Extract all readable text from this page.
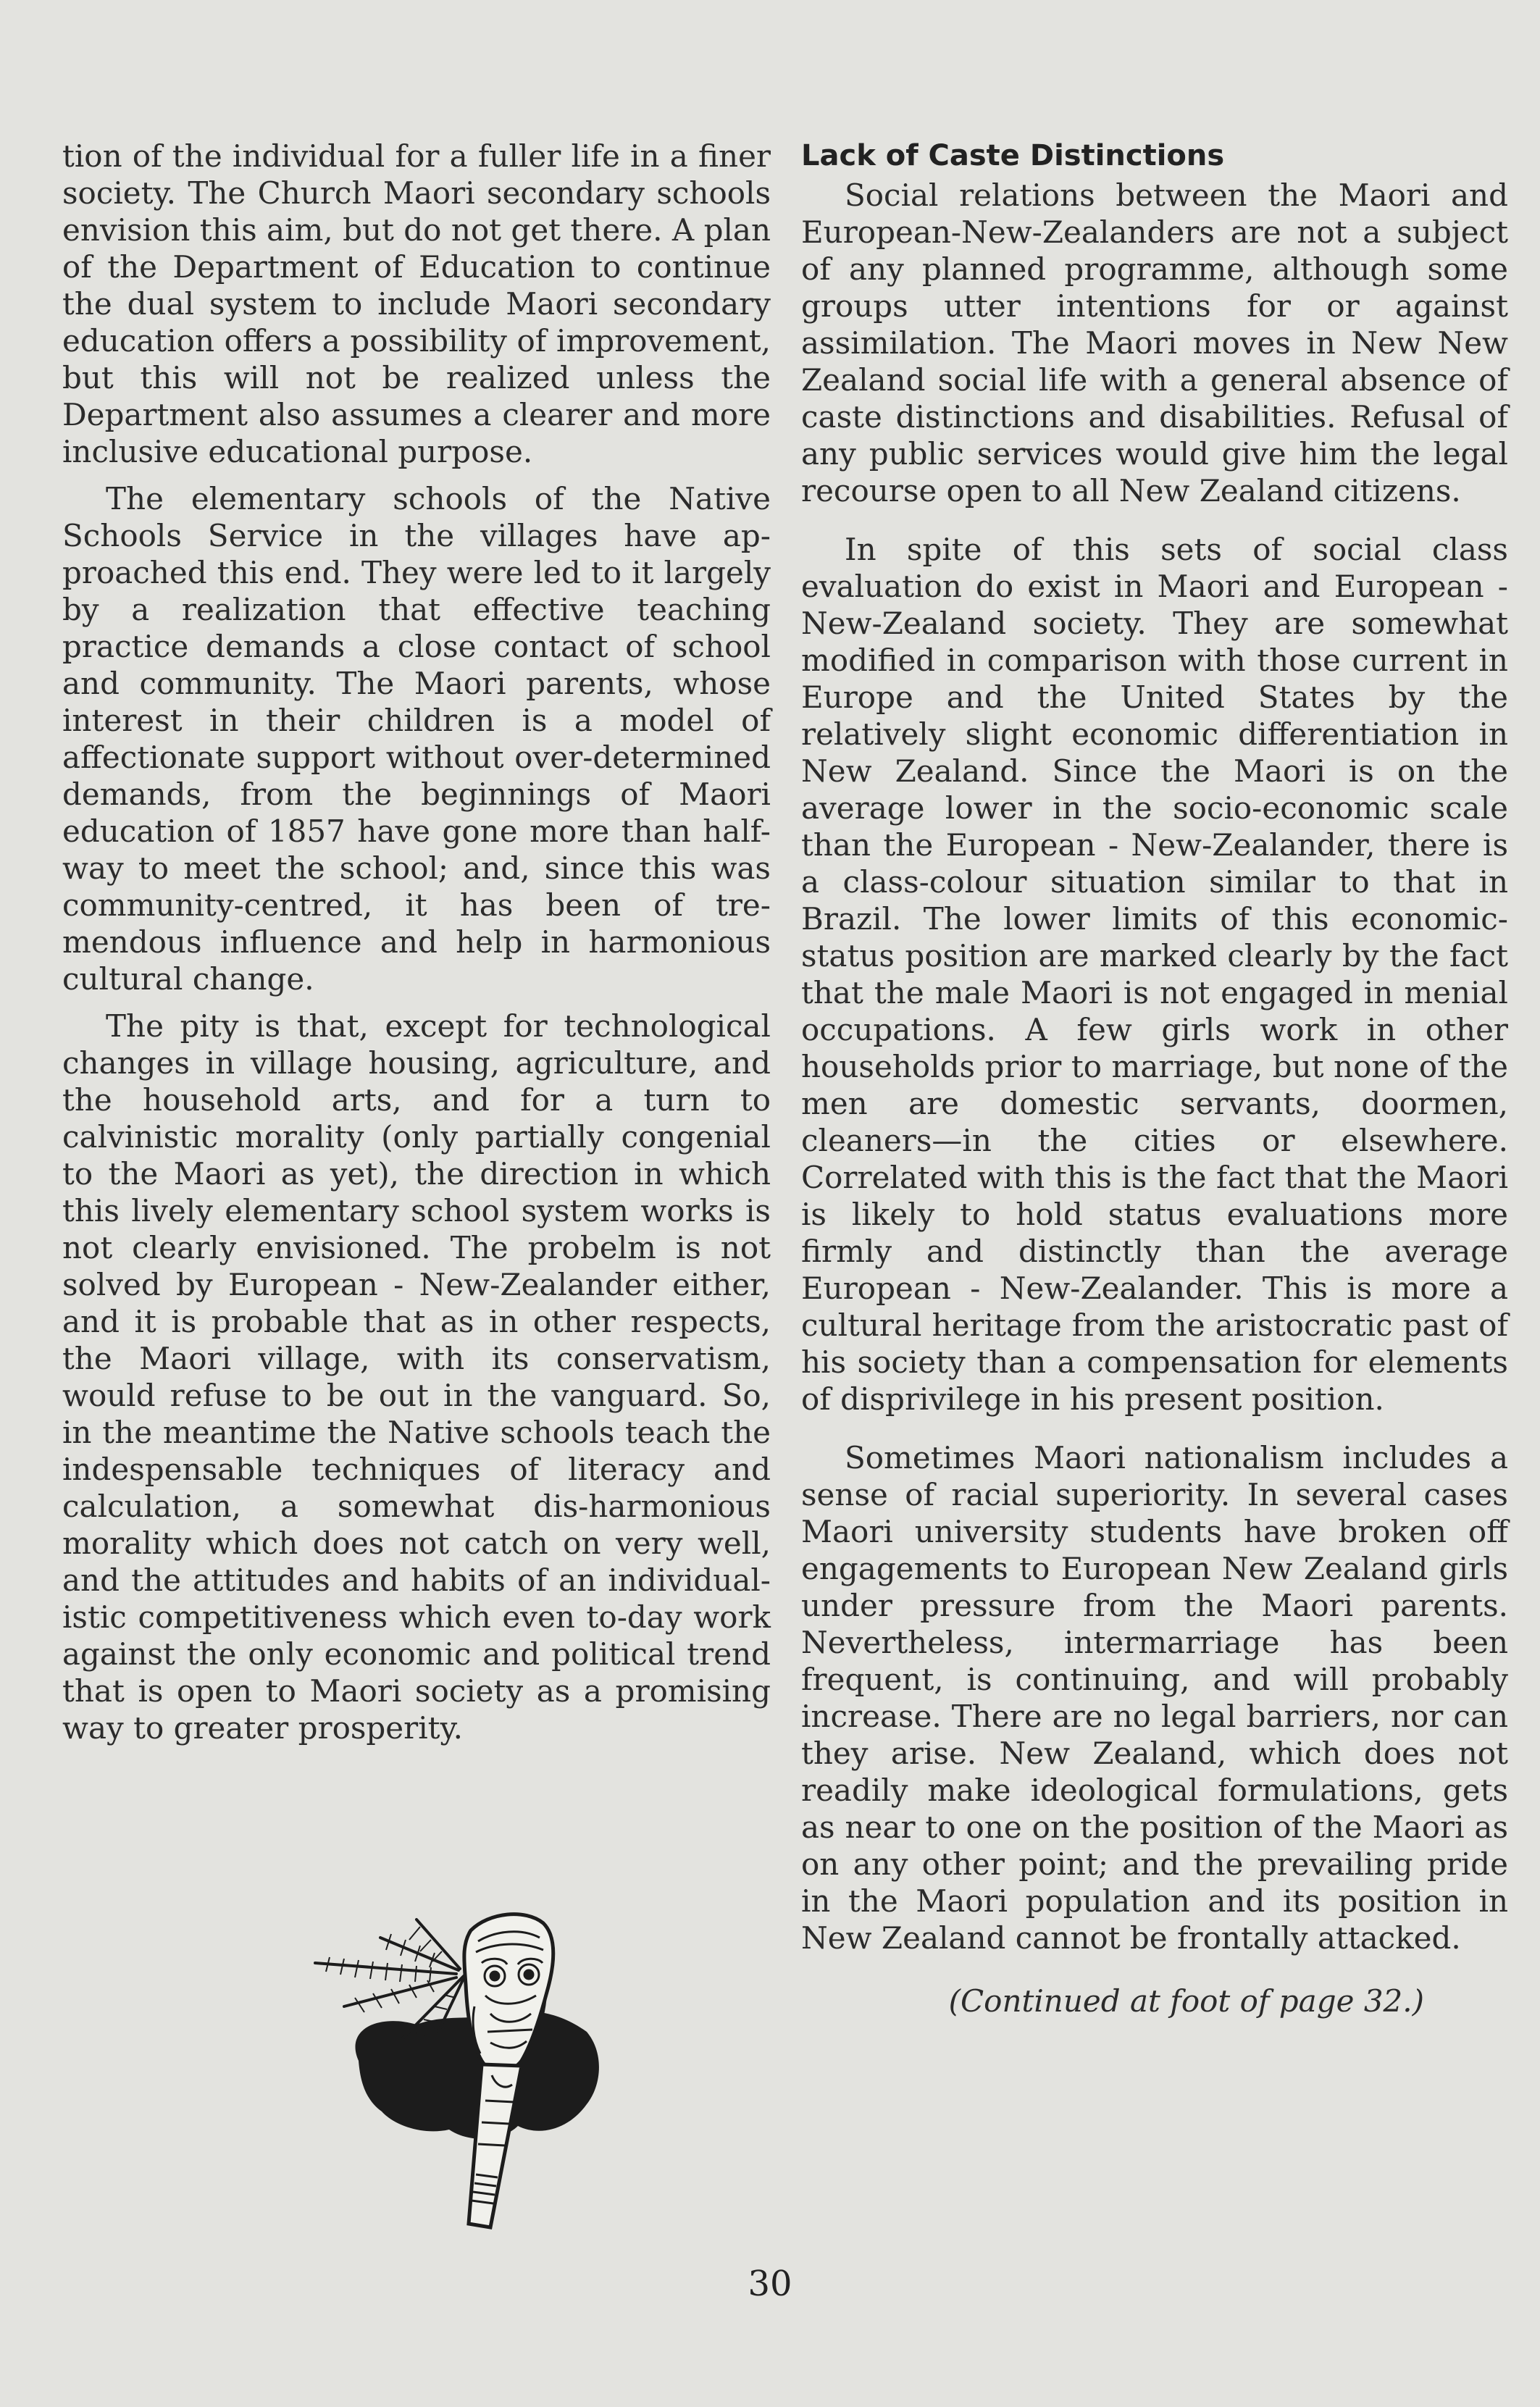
tion of the individual for a fuller life in a finer society. The Church Maori secondary schools envision this aim, but do not get there. A plan of the Department of Education to continue the dual system to include Maori secondary education offers a possibility of improvement, but this will not be realized unless the Department also assumes a clearer and more inclusive educational purpose.

The elementary schools of the Native Schools Service in the villages have approached this end. They were led to it largely by a realization that effective teaching practice demands a close contact of school and community. The Maori parents, whose interest in their children is a model of affectionate support without over-determined demands, from the beginnings of Maori education of 1857 have gone more than half-way to meet the school; and, since this was community-centred, it has been of tremendous influence and help in harmonious cultural change.

The pity is that, except for technological changes in village housing, agriculture, and the household arts, and for a turn to calvinistic morality (only partially congenial to the Maori as yet), the direction in which this lively elementary school system works is not clearly envisioned. The probelm is not solved by European - New-Zealander either, and it is probable that as in other respects, the Maori village, with its conservatism, would refuse to be out in the vanguard. So, in the meantime the Native schools teach the indespensable techniques of literacy and calculation, a somewhat dis-harmonious morality which does not catch on very well, and the attitudes and habits of an individualistic competitiveness which even to-day work against the only economic and political trend that is open to Maori society as a promising way to greater prosperity.

Lack of Caste Distinctions

Social relations between the Maori and European-New-Zealanders are not a subject of any planned programme, although some groups utter intentions for or against assimilation. The Maori moves in New New Zealand social life with a general absence of caste distinctions and disabilities. Refusal of any public services would give him the legal recourse open to all New Zealand citizens.

In spite of this sets of social class evaluation do exist in Maori and European - New-Zealand society. They are somewhat modified in comparison with those current in Europe and the United States by the relatively slight economic differentiation in New Zealand. Since the Maori is on the average lower in the socio-economic scale than the European - New-Zealander, there is a class-colour situation similar to that in Brazil. The lower limits of this economic-status position are marked clearly by the fact that the male Maori is not engaged in menial occupations. A few girls work in other households prior to marriage, but none of the men are domestic servants, doormen, cleaners—in the cities or elsewhere. Correlated with this is the fact that the Maori is likely to hold status evaluations more firmly and distinctly than the average European - New-Zealander. This is more a cultural heritage from the aristocratic past of his society than a compensation for elements of disprivilege in his present position.

Sometimes Maori nationalism includes a sense of racial superiority. In several cases Maori university students have broken off engagements to European New Zealand girls under pressure from the Maori parents. Nevertheless, intermarriage has been frequent, is continuing, and will probably increase. There are no legal barriers, nor can they arise. New Zealand, which does not readily make ideological formulations, gets as near to one on the position of the Maori as on any other point; and the prevailing pride in the Maori population and its position in New Zealand cannot be frontally attacked.

(Continued at foot of page 32.)
30
